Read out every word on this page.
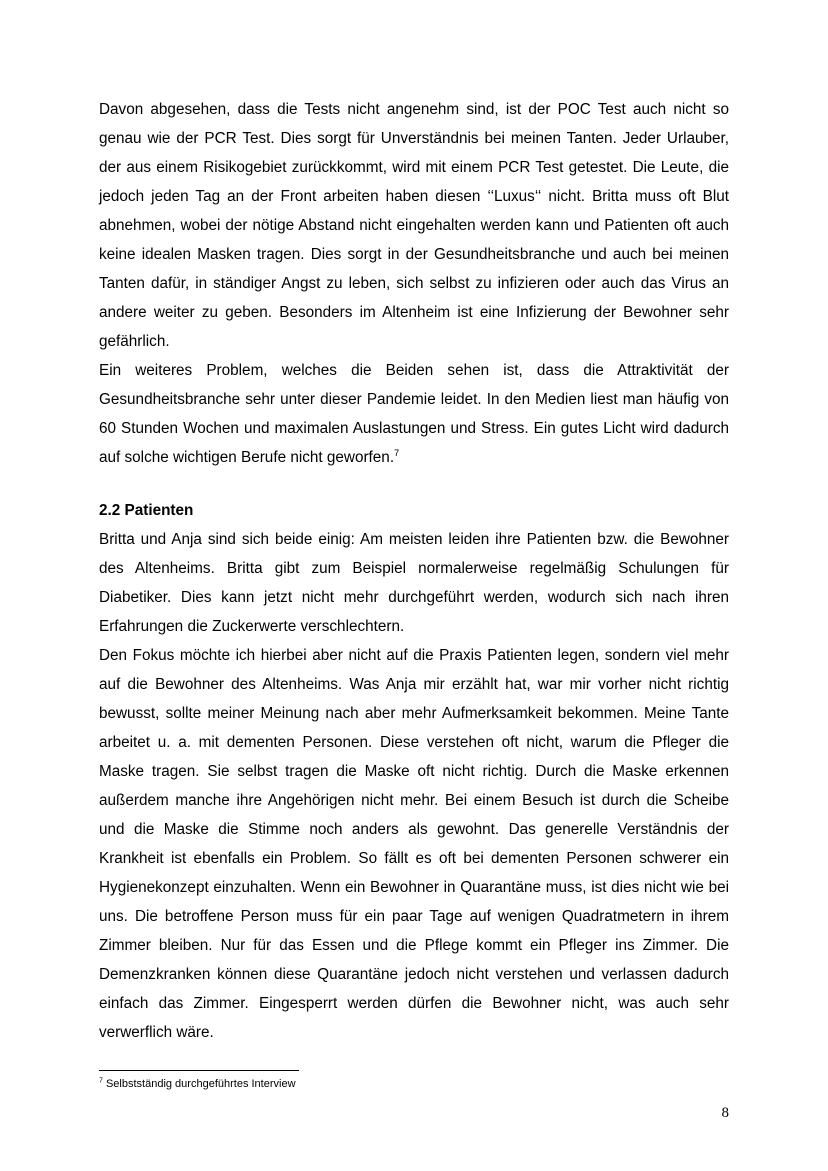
Davon abgesehen, dass die Tests nicht angenehm sind, ist der POC Test auch nicht so genau wie der PCR Test. Dies sorgt für Unverständnis bei meinen Tanten. Jeder Urlauber, der aus einem Risikogebiet zurückkommt, wird mit einem PCR Test getestet. Die Leute, die jedoch jeden Tag an der Front arbeiten haben diesen ‘‘Luxus‘‘ nicht. Britta muss oft Blut abnehmen, wobei der nötige Abstand nicht eingehalten werden kann und Patienten oft auch keine idealen Masken tragen. Dies sorgt in der Gesundheitsbranche und auch bei meinen Tanten dafür, in ständiger Angst zu leben, sich selbst zu infizieren oder auch das Virus an andere weiter zu geben. Besonders im Altenheim ist eine Infizierung der Bewohner sehr gefährlich.

Ein weiteres Problem, welches die Beiden sehen ist, dass die Attraktivität der Gesundheitsbranche sehr unter dieser Pandemie leidet. In den Medien liest man häufig von 60 Stunden Wochen und maximalen Auslastungen und Stress. Ein gutes Licht wird dadurch auf solche wichtigen Berufe nicht geworfen.$^7$

2.2 Patienten

Britta und Anja sind sich beide einig: Am meisten leiden ihre Patienten bzw. die Bewohner des Altenheims. Britta gibt zum Beispiel normalerweise regelmäßig Schulungen für Diabetiker. Dies kann jetzt nicht mehr durchgeführt werden, wodurch sich nach ihren Erfahrungen die Zuckerwerte verschlechtern.

Den Fokus möchte ich hierbei aber nicht auf die Praxis Patienten legen, sondern viel mehr auf die Bewohner des Altenheims. Was Anja mir erzählt hat, war mir vorher nicht richtig bewusst, sollte meiner Meinung nach aber mehr Aufmerksamkeit bekommen. Meine Tante arbeitet u. a. mit dementen Personen. Diese verstehen oft nicht, warum die Pfleger die Maske tragen. Sie selbst tragen die Maske oft nicht richtig. Durch die Maske erkennen außerdem manche ihre Angehörigen nicht mehr. Bei einem Besuch ist durch die Scheibe und die Maske die Stimme noch anders als gewohnt. Das generelle Verständnis der Krankheit ist ebenfalls ein Problem. So fällt es oft bei dementen Personen schwerer ein Hygienekonzept einzuhalten. Wenn ein Bewohner in Quarantäne muss, ist dies nicht wie bei uns. Die betroffene Person muss für ein paar Tage auf wenigen Quadratmetern in ihrem Zimmer bleiben. Nur für das Essen und die Pflege kommt ein Pfleger ins Zimmer. Die Demenzkranken können diese Quarantäne jedoch nicht verstehen und verlassen dadurch einfach das Zimmer. Eingesperrt werden dürfen die Bewohner nicht, was auch sehr verwerflich wäre.

$^7$ Selbstständig durchgeführtes Interview
8
